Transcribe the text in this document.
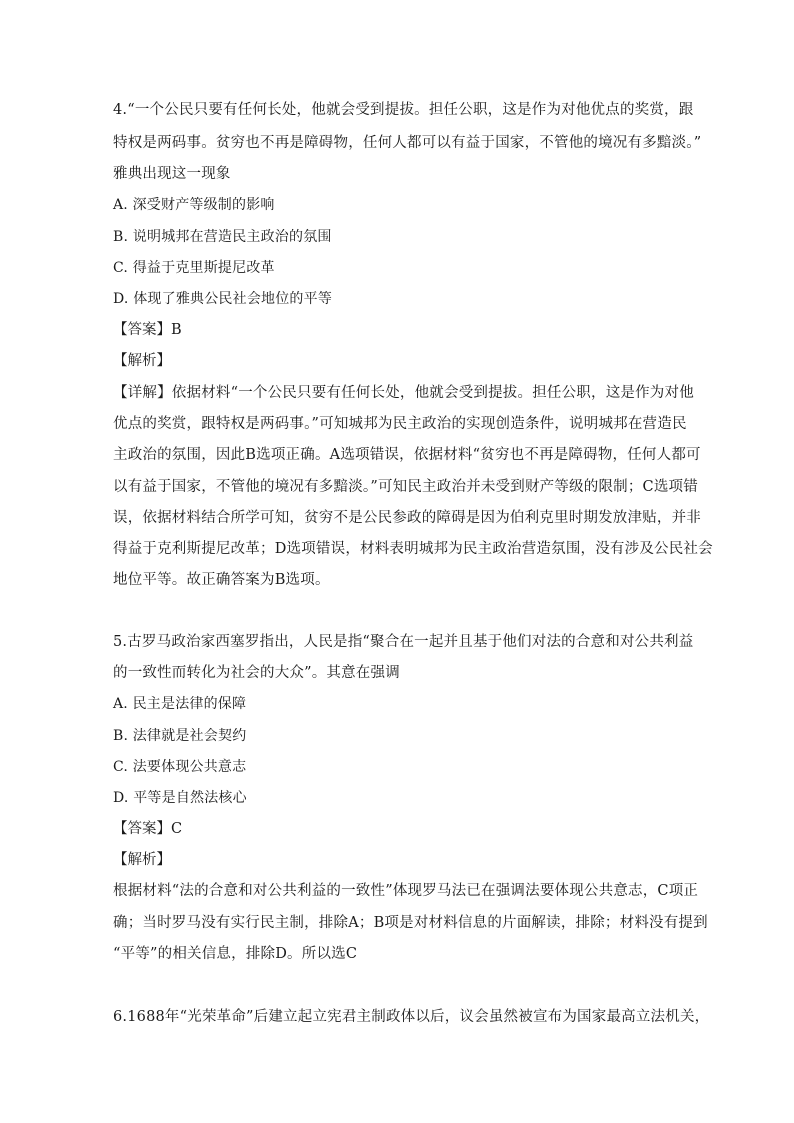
4.“一个公民只要有任何长处，他就会受到提拔。担任公职，这是作为对他优点的奖赏，跟

特权是两码事。贫穷也不再是障碍物，任何人都可以有益于国家，不管他的境况有多黯淡。”

雅典出现这一现象

A. 深受财产等级制的影响

B. 说明城邦在营造民主政治的氛围

C. 得益于克里斯提尼改革

D. 体现了雅典公民社会地位的平等

【答案】B

【解析】

【详解】依据材料“一个公民只要有任何长处，他就会受到提拔。担任公职，这是作为对他

优点的奖赏，跟特权是两码事。”可知城邦为民主政治的实现创造条件，说明城邦在营造民

主政治的氛围，因此B选项正确。A选项错误，依据材料“贫穷也不再是障碍物，任何人都可

以有益于国家，不管他的境况有多黯淡。”可知民主政治并未受到财产等级的限制；C选项错

误，依据材料结合所学可知，贫穷不是公民参政的障碍是因为伯利克里时期发放津贴，并非

得益于克利斯提尼改革；D选项错误，材料表明城邦为民主政治营造氛围，没有涉及公民社会

地位平等。故正确答案为B选项。

5.古罗马政治家西塞罗指出，人民是指“聚合在一起并且基于他们对法的合意和对公共利益

的一致性而转化为社会的大众”。其意在强调

A. 民主是法律的保障

B. 法律就是社会契约

C. 法要体现公共意志

D. 平等是自然法核心

【答案】C

【解析】

根据材料“法的合意和对公共利益的一致性”体现罗马法已在强调法要体现公共意志，C项正

确；当时罗马没有实行民主制，排除A；B项是对材料信息的片面解读，排除；材料没有提到

“平等”的相关信息，排除D。所以选C

6.1688年“光荣革命”后建立起立宪君主制政体以后，议会虽然被宣布为国家最高立法机关，
